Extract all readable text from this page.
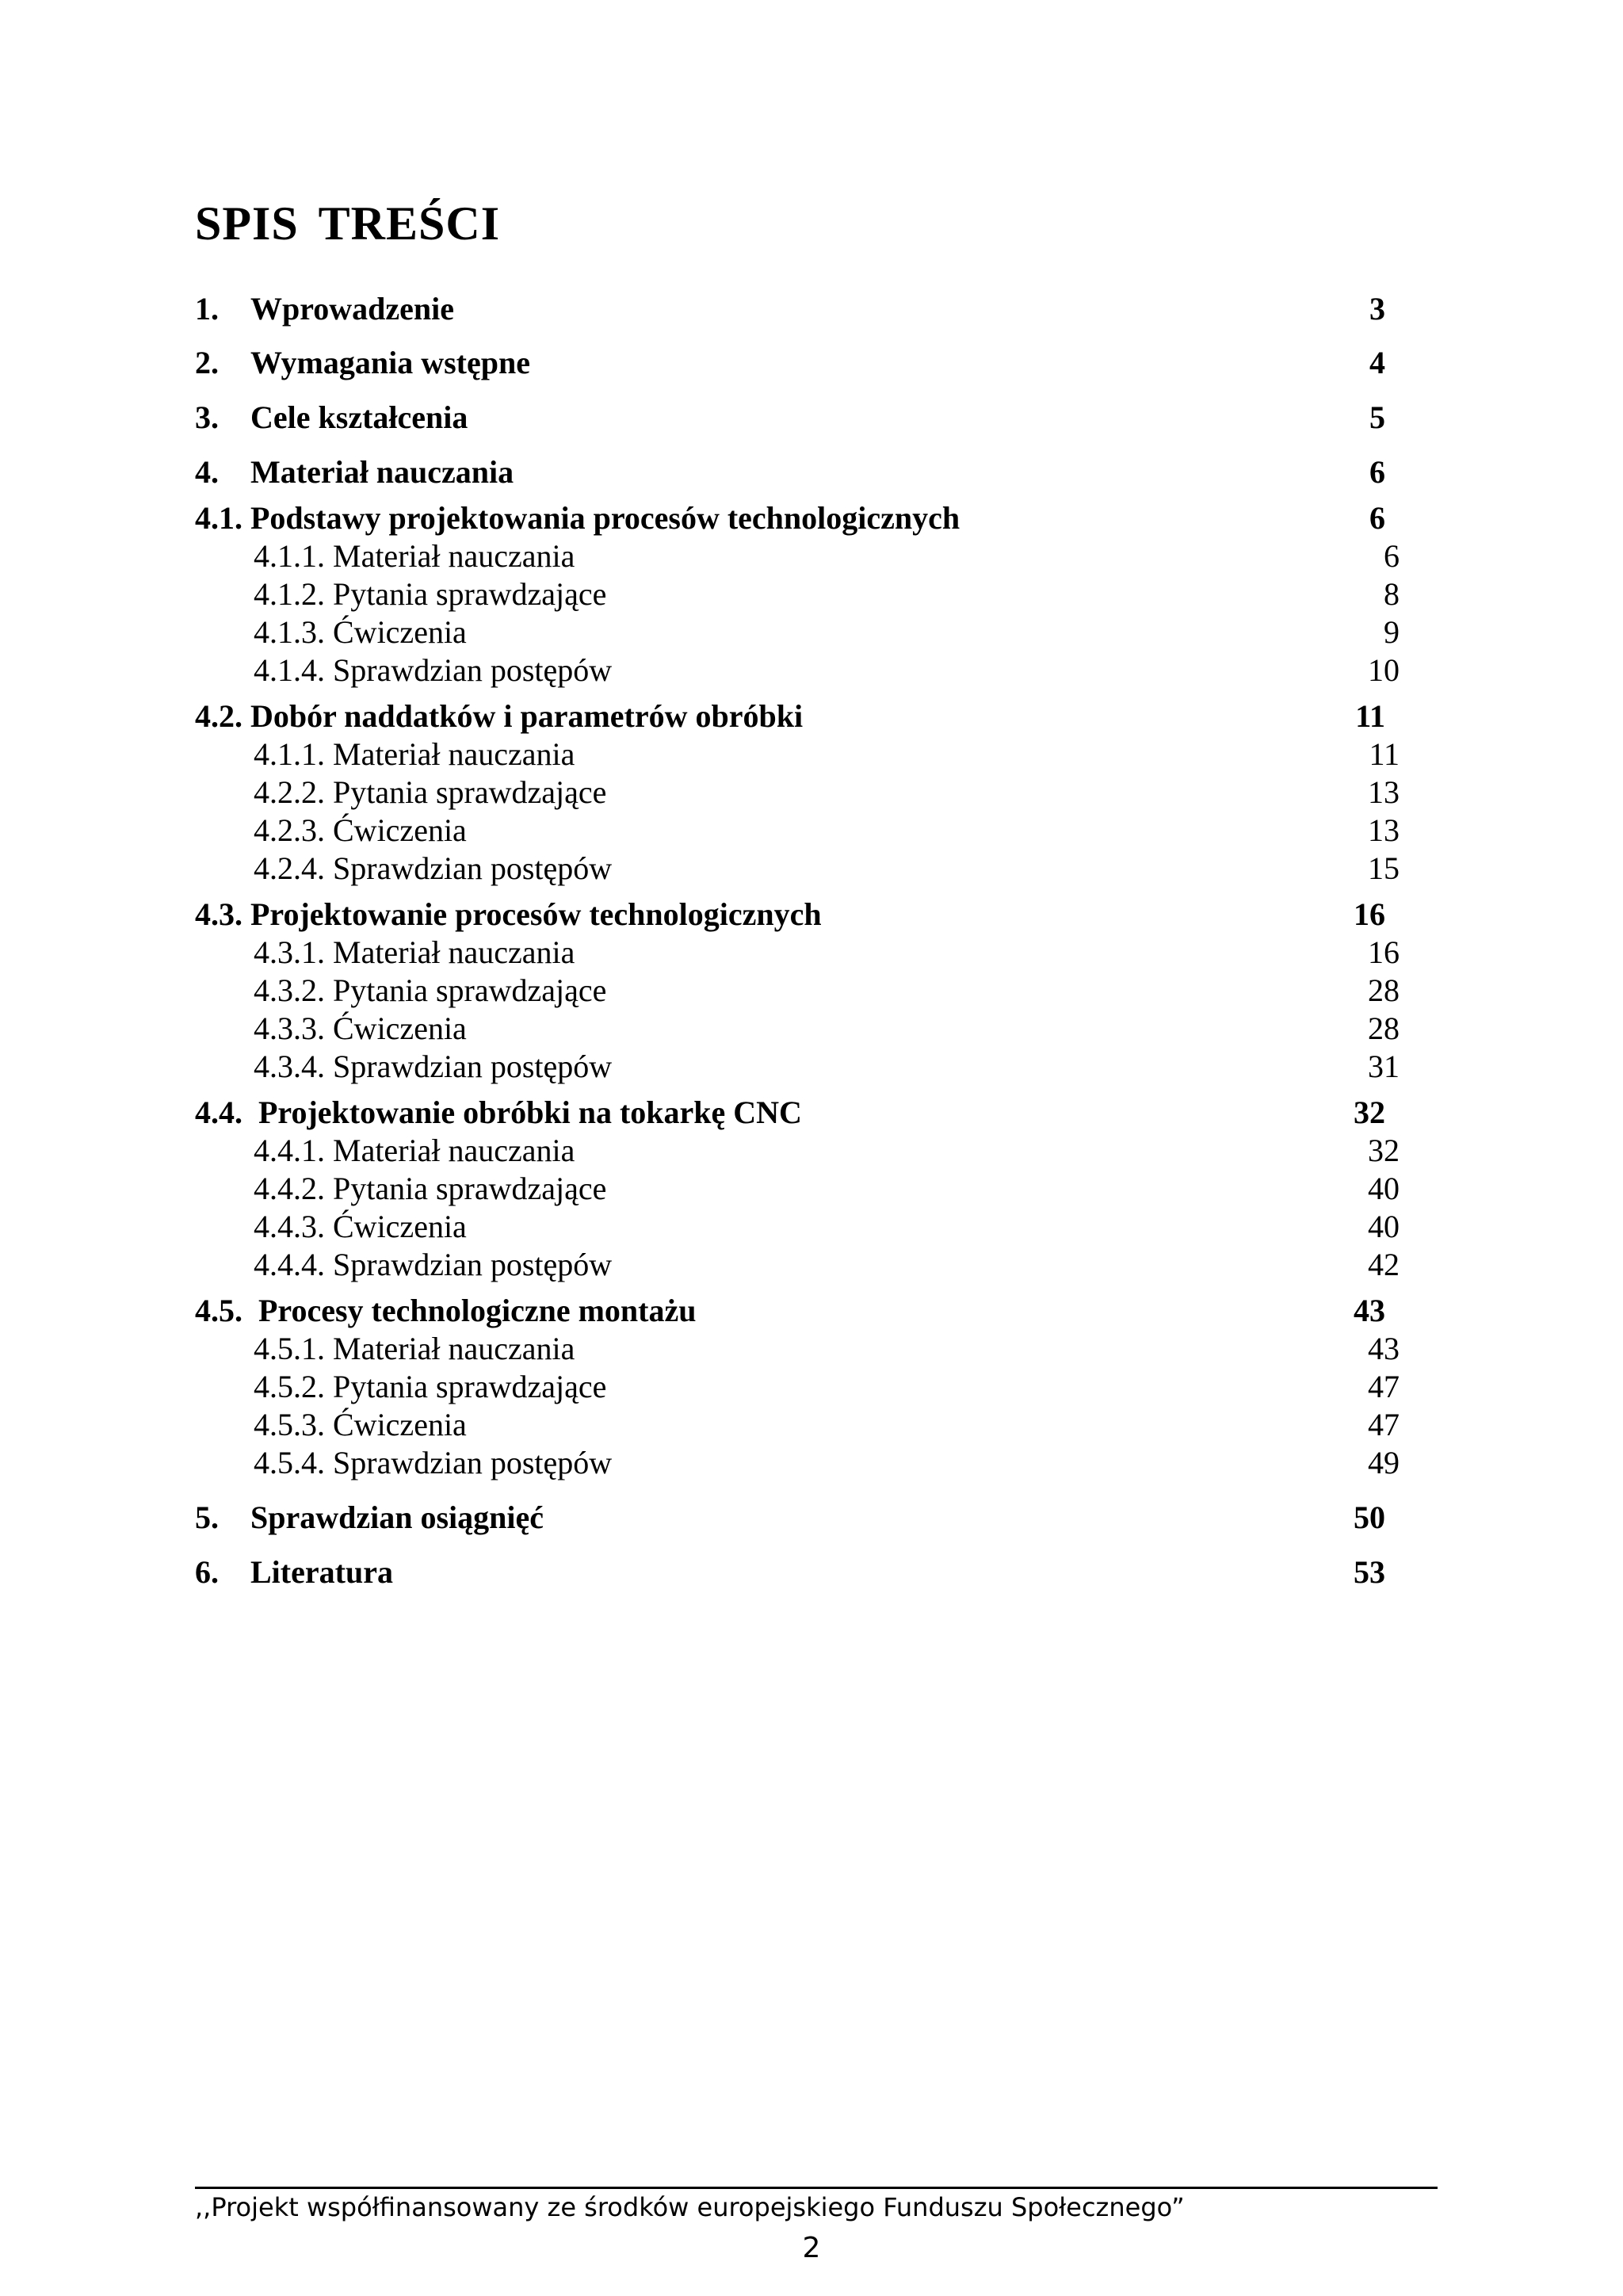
SPIS TREŚCI
1. Wprowadzenie	3
2. Wymagania wstępne	4
3. Cele kształcenia	5
4. Materiał nauczania	6
4.1. Podstawy projektowania procesów technologicznych	6
4.1.1. Materiał nauczania	6
4.1.2. Pytania sprawdzające	8
4.1.3. Ćwiczenia	9
4.1.4. Sprawdzian postępów	10
4.2. Dobór naddatków i parametrów obróbki	11
4.1.1. Materiał nauczania	11
4.2.2. Pytania sprawdzające	13
4.2.3. Ćwiczenia	13
4.2.4. Sprawdzian postępów	15
4.3. Projektowanie procesów technologicznych	16
4.3.1. Materiał nauczania	16
4.3.2. Pytania sprawdzające	28
4.3.3. Ćwiczenia	28
4.3.4. Sprawdzian postępów	31
4.4.  Projektowanie obróbki na tokarkę CNC	32
4.4.1. Materiał nauczania	32
4.4.2. Pytania sprawdzające	40
4.4.3. Ćwiczenia	40
4.4.4. Sprawdzian postępów	42
4.5.  Procesy technologiczne montażu	43
4.5.1. Materiał nauczania	43
4.5.2. Pytania sprawdzające	47
4.5.3. Ćwiczenia	47
4.5.4. Sprawdzian postępów	49
5. Sprawdzian osiągnięć	50
6. Literatura	53
,,Projekt współfinansowany ze środków europejskiego Funduszu Społecznego”
2
